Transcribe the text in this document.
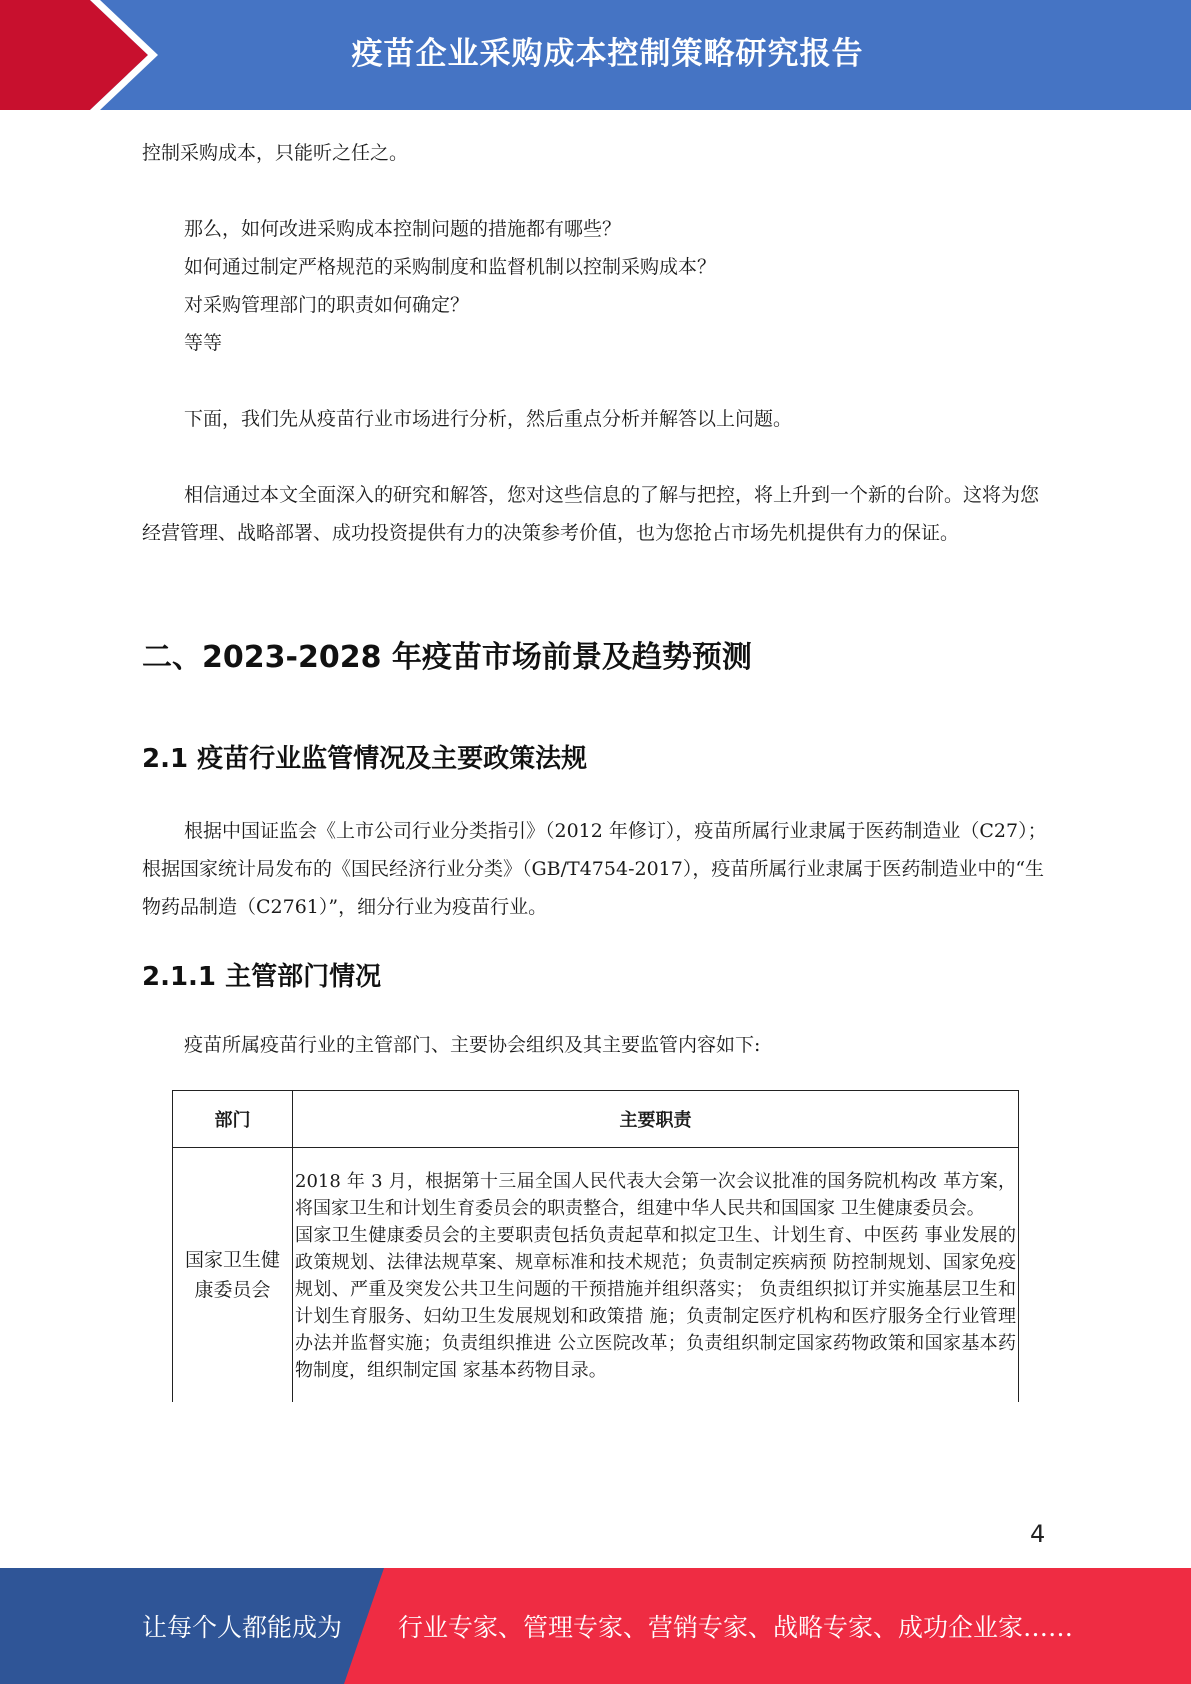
疫苗企业采购成本控制策略研究报告
控制采购成本，只能听之任之。
那么，如何改进采购成本控制问题的措施都有哪些？
如何通过制定严格规范的采购制度和监督机制以控制采购成本？
对采购管理部门的职责如何确定？
等等
下面，我们先从疫苗行业市场进行分析，然后重点分析并解答以上问题。
相信通过本文全面深入的研究和解答，您对这些信息的了解与把控，将上升到一个新的台阶。这将为您经营管理、战略部署、成功投资提供有力的决策参考价值，也为您抢占市场先机提供有力的保证。
二、2023-2028 年疫苗市场前景及趋势预测
2.1 疫苗行业监管情况及主要政策法规
根据中国证监会《上市公司行业分类指引》（2012 年修订），疫苗所属行业隶属于医药制造业（C27）；根据国家统计局发布的《国民经济行业分类》（GB/T4754-2017），疫苗所属行业隶属于医药制造业中的“生物药品制造（C2761）”，细分行业为疫苗行业。
2.1.1 主管部门情况
疫苗所属疫苗行业的主管部门、主要协会组织及其主要监管内容如下:
部门	主要职责
国家卫生健康委员会	2018 年 3 月，根据第十三届全国人民代表大会第一次会议批准的国务院机构改 革方案，将国家卫生和计划生育委员会的职责整合，组建中华人民共和国国家 卫生健康委员会。
国家卫生健康委员会的主要职责包括负责起草和拟定卫生、计划生育、中医药 事业发展的政策规划、法律法规草案、规章标准和技术规范；负责制定疾病预 防控制规划、国家免疫规划、严重及突发公共卫生问题的干预措施并组织落实； 负责组织拟订并实施基层卫生和计划生育服务、妇幼卫生发展规划和政策措 施；负责制定医疗机构和医疗服务全行业管理办法并监督实施；负责组织推进 公立医院改革；负责组织制定国家药物政策和国家基本药物制度，组织制定国 家基本药物目录。
4
让每个人都能成为 行业专家、管理专家、营销专家、战略专家、成功企业家……
